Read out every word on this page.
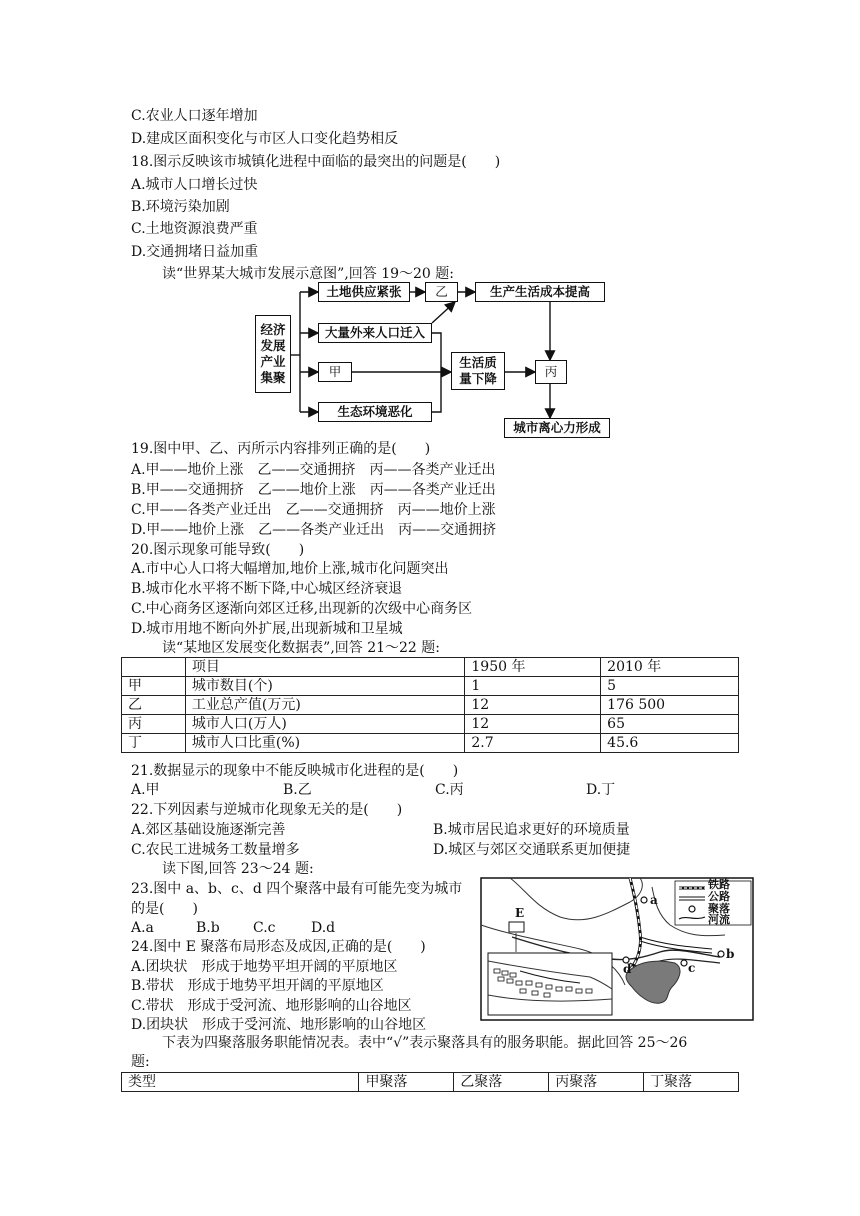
C.农业人口逐年增加
D.建成区面积变化与市区人口变化趋势相反
18.图示反映该市城镇化进程中面临的最突出的问题是(　　)
A.城市人口增长过快
B.环境污染加剧
C.土地资源浪费严重
D.交通拥堵日益加重
读“世界某大城市发展示意图”,回答 19～20 题:
经济发展产业集聚
土地供应紧张	乙	生产生活成本提高
大量外来人口迁入
甲
生态环境恶化
生活质量下降	丙
城市离心力形成
19.图中甲、乙、丙所示内容排列正确的是(　　)
A.甲——地价上涨　乙——交通拥挤　丙——各类产业迁出
B.甲——交通拥挤　乙——地价上涨　丙——各类产业迁出
C.甲——各类产业迁出　乙——交通拥挤　丙——地价上涨
D.甲——地价上涨　乙——各类产业迁出　丙——交通拥挤
20.图示现象可能导致(　　)
A.市中心人口将大幅增加,地价上涨,城市化问题突出
B.城市化水平将不断下降,中心城区经济衰退
C.中心商务区逐渐向郊区迁移,出现新的次级中心商务区
D.城市用地不断向外扩展,出现新城和卫星城
读“某地区发展变化数据表”,回答 21～22 题:
	项目	1950 年	2010 年
甲	城市数目(个)	1	5
乙	工业总产值(万元)	12	176 500
丙	城市人口(万人)	12	65
丁	城市人口比重(%)	2.7	45.6
21.数据显示的现象中不能反映城市化进程的是(　　)
A.甲	B.乙	C.丙	D.丁
22.下列因素与逆城市化现象无关的是(　　)
A.郊区基础设施逐渐完善	B.城市居民追求更好的环境质量
C.农民工进城务工数量增多	D.城区与郊区交通联系更加便捷
读下图,回答 23～24 题:
23.图中 a、b、c、d 四个聚落中最有可能先变为城市
的是(　　)
A.a	B.b C.c	D.d
24.图中 E 聚落布局形态及成因,正确的是(　　)
A.团块状　形成于地势平坦开阔的平原地区
B.带状　形成于地势平坦开阔的平原地区
C.带状　形成于受河流、地形影响的山谷地区
D.团块状　形成于受河流、地形影响的山谷地区
铁路
公路
聚落
河流
E
a
b
c
d
下表为四聚落服务职能情况表。表中“√”表示聚落具有的服务职能。据此回答 25～26
题:
类型	甲聚落	乙聚落	丙聚落	丁聚落
